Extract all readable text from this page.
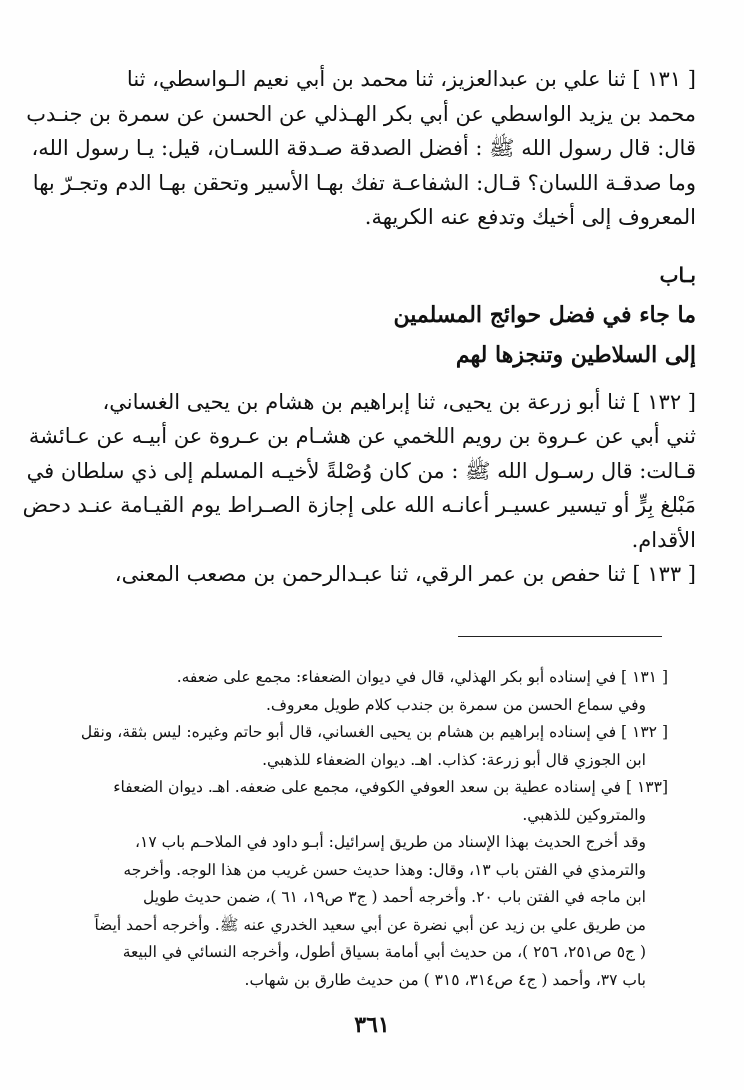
[ ١٣١ ] ثنا علي بن عبدالعزيز، ثنا محمد بن أبي نعيم الـواسطي، ثنا
محمد بن يزيد الواسطي عن أبي بكر الهـذلي عن الحسن عن سمرة بن جنـدب
قال: قال رسول الله ﷺ : أفضل الصدقة صـدقة اللسـان، قيل: يـا رسول الله،
وما صدقـة اللسان؟ قـال: الشفاعـة تفك بهـا الأسير وتحقن بهـا الدم وتجـرّ بها
المعروف إلى أخيك وتدفع عنه الكريهة.

بـاب
ما جاء في فضل حوائج المسلمين
إلى السلاطين وتنجزها لهم

[ ١٣٢ ] ثنا أبو زرعة بن يحيى، ثنا إبراهيم بن هشام بن يحيى الغساني،
ثني أبي عن عـروة بن رويم اللخمي عن هشـام بن عـروة عن أبيـه عن عـائشة
قـالت: قال رسـول الله ﷺ : من كان وُصْلةً لأخيـه المسلم إلى ذي سلطان في
مَبْلغ بِرٍّ أو تيسير عسيـر أعانـه الله على إجازة الصـراط يوم القيـامة عنـد دحض
الأقدام.

[ ١٣٣ ] ثنا حفص بن عمر الرقي، ثنا عبـدالرحمن بن مصعب المعنى،

[ ١٣١ ] في إسناده أبو بكر الهذلي، قال في ديوان الضعفاء: مجمع على ضعفه.
وفي سماع الحسن من سمرة بن جندب كلام طويل معروف.
[ ١٣٢ ] في إسناده إبراهيم بن هشام بن يحيى الغساني، قال أبو حاتم وغيره: ليس بثقة، ونقل
ابن الجوزي قال أبو زرعة: كذاب. اهـ. ديوان الضعفاء للذهبي.
[١٣٣ ] في إسناده عطية بن سعد العوفي الكوفي، مجمع على ضعفه. اهـ. ديوان الضعفاء
والمتروكين للذهبي.
وقد أخرج الحديث بهذا الإسناد من طريق إسرائيل: أبـو داود في الملاحـم باب ١٧،
والترمذي في الفتن باب ١٣، وقال: وهذا حديث حسن غريب من هذا الوجه. وأخرجه
ابن ماجه في الفتن باب ٢٠. وأخرجه أحمد ( ج٣ ص١٩، ٦١ )، ضمن حديث طويل
من طريق علي بن زيد عن أبي نضرة عن أبي سعيد الخدري عنه ﷺ. وأخرجه أحمد أيضاً
( ج٥ ص٢٥١، ٢٥٦ )، من حديث أبي أمامة بسياق أطول، وأخرجه النسائي في البيعة
باب ٣٧، وأحمد ( ج٤ ص٣١٤، ٣١٥ ) من حديث طارق بن شهاب.
٣٦١
